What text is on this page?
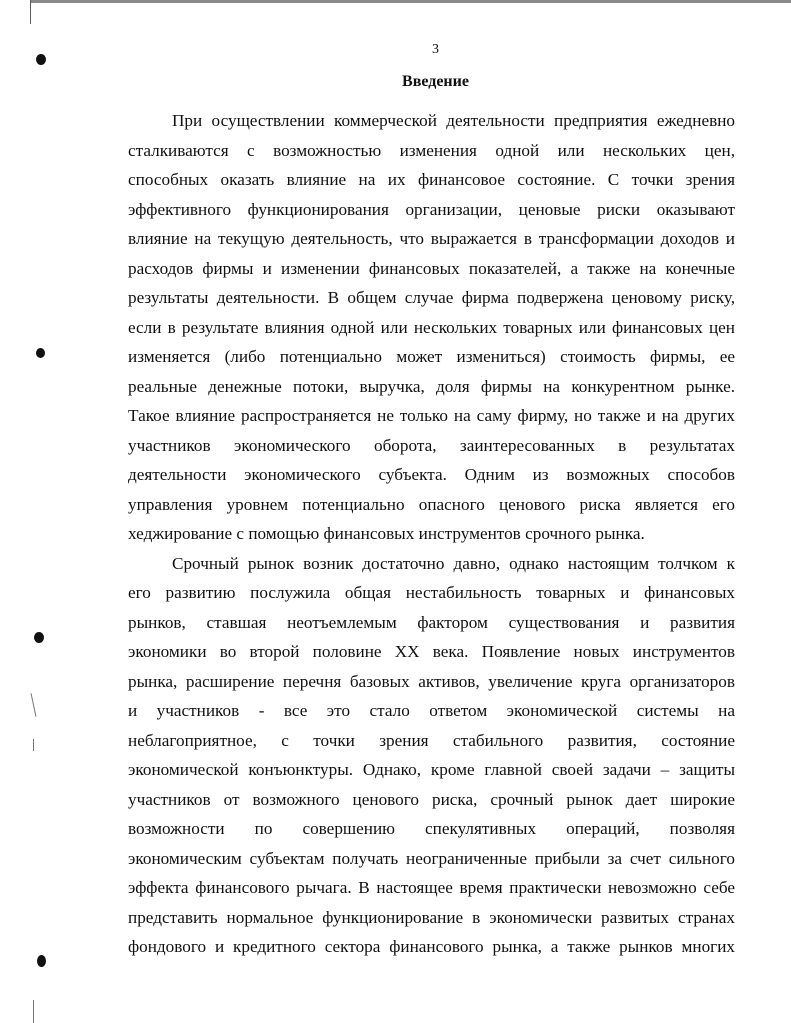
3
Введение
При осуществлении коммерческой деятельности предприятия ежедневно
сталкиваются с возможностью изменения одной или нескольких цен,
способных оказать влияние на их финансовое состояние. С точки зрения
эффективного функционирования организации, ценовые риски оказывают
влияние на текущую деятельность, что выражается в трансформации доходов и
расходов фирмы и изменении финансовых показателей, а также на конечные
результаты деятельности. В общем случае фирма подвержена ценовому риску,
если в результате влияния одной или нескольких товарных или финансовых цен
изменяется (либо потенциально может измениться) стоимость фирмы, ее
реальные денежные потоки, выручка, доля фирмы на конкурентном рынке.
Такое влияние распространяется не только на саму фирму, но также и на других
участников экономического оборота, заинтересованных в результатах
деятельности экономического субъекта. Одним из возможных способов
управления уровнем потенциально опасного ценового риска является его
хеджирование с помощью финансовых инструментов срочного рынка.
Срочный рынок возник достаточно давно, однако настоящим толчком к
его развитию послужила общая нестабильность товарных и финансовых
рынков, ставшая неотъемлемым фактором существования и развития
экономики во второй половине XX века. Появление новых инструментов
рынка, расширение перечня базовых активов, увеличение круга организаторов
и участников - все это стало ответом экономической системы на
неблагоприятное, с точки зрения стабильного развития, состояние
экономической конъюнктуры. Однако, кроме главной своей задачи – защиты
участников от возможного ценового риска, срочный рынок дает широкие
возможности по совершению спекулятивных операций, позволяя
экономическим субъектам получать неограниченные прибыли за счет сильного
эффекта финансового рычага. В настоящее время практически невозможно себе
представить нормальное функционирование в экономически развитых странах
фондового и кредитного сектора финансового рынка, а также рынков многих
